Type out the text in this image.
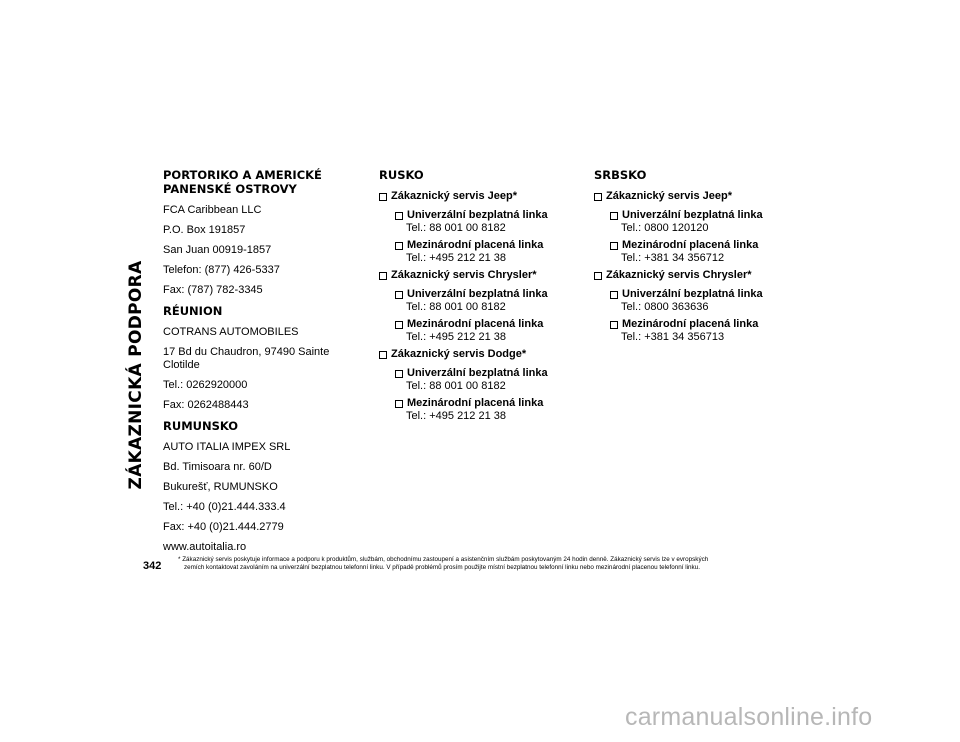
ZÁKAZNICKÁ PODPORA
PORTORIKO A AMERICKÉ
PANENSKÉ OSTROVY
FCA Caribbean LLC
P.O. Box 191857
San Juan 00919-1857
Telefon: (877) 426-5337
Fax: (787) 782-3345
RÉUNION
COTRANS AUTOMOBILES
17 Bd du Chaudron, 97490 Sainte Clotilde
Tel.: 0262920000
Fax: 0262488443
RUMUNSKO
AUTO ITALIA IMPEX SRL
Bd. Timisoara nr. 60/D
Bukurešť, RUMUNSKO
Tel.: +40 (0)21.444.333.4
Fax: +40 (0)21.444.2779
www.autoitalia.ro
RUSKO
Zákaznický servis Jeep*
Univerzální bezplatná linka
Tel.: 88 001 00 8182
Mezinárodní placená linka
Tel.: +495 212 21 38
Zákaznický servis Chrysler*
Univerzální bezplatná linka
Tel.: 88 001 00 8182
Mezinárodní placená linka
Tel.: +495 212 21 38
Zákaznický servis Dodge*
Univerzální bezplatná linka
Tel.: 88 001 00 8182
Mezinárodní placená linka
Tel.: +495 212 21 38
SRBSKO
Zákaznický servis Jeep*
Univerzální bezplatná linka
Tel.: 0800 120120
Mezinárodní placená linka
Tel.: +381 34 356712
Zákaznický servis Chrysler*
Univerzální bezplatná linka
Tel.: 0800 363636
Mezinárodní placená linka
Tel.: +381 34 356713
342
* Zákaznický servis poskytuje informace a podporu k produktům, službám, obchodnímu zastoupení a asistenčním službám poskytovaným 24 hodin denně. Zákaznický servis lze v evropských
zemích kontaktovat zavoláním na univerzální bezplatnou telefonní linku. V případě problémů prosím použijte místní bezplatnou telefonní linku nebo mezinárodní placenou telefonní linku.
carmanualsonline.info
